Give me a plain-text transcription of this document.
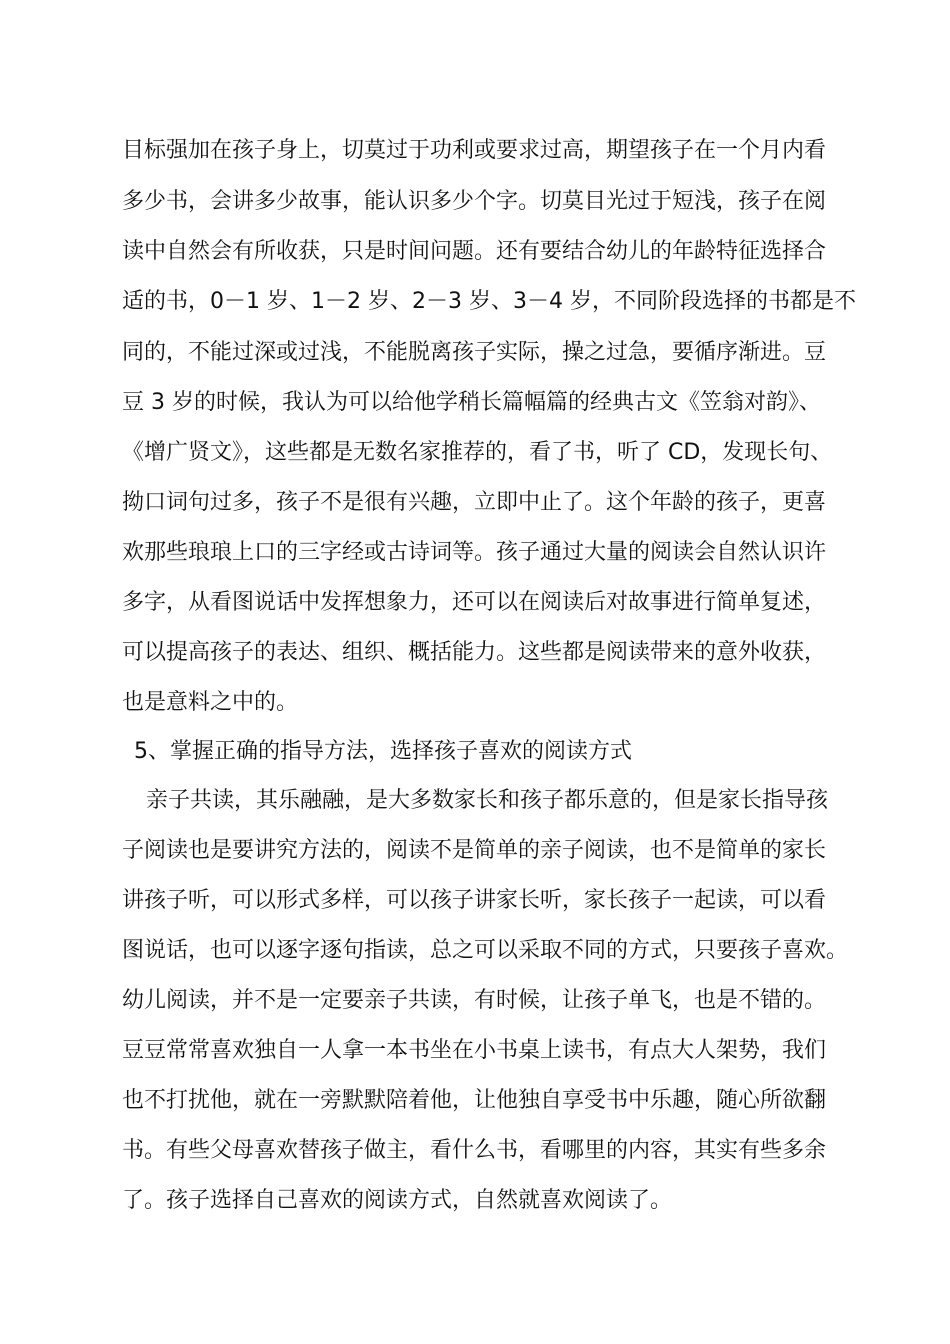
目标强加在孩子身上，切莫过于功利或要求过高，期望孩子在一个月内看
多少书，会讲多少故事，能认识多少个字。切莫目光过于短浅，孩子在阅
读中自然会有所收获，只是时间问题。还有要结合幼儿的年龄特征选择合
适的书，0－1 岁、1－2 岁、2－3 岁、3－4 岁，不同阶段选择的书都是不
同的，不能过深或过浅，不能脱离孩子实际，操之过急，要循序渐进。豆
豆 3 岁的时候，我认为可以给他学稍长篇幅篇的经典古文《笠翁对韵》、
《增广贤文》，这些都是无数名家推荐的，看了书，听了 CD，发现长句、
拗口词句过多，孩子不是很有兴趣，立即中止了。这个年龄的孩子，更喜
欢那些琅琅上口的三字经或古诗词等。孩子通过大量的阅读会自然认识许
多字，从看图说话中发挥想象力，还可以在阅读后对故事进行简单复述，
可以提高孩子的表达、组织、概括能力。这些都是阅读带来的意外收获，
也是意料之中的。
5、掌握正确的指导方法，选择孩子喜欢的阅读方式
亲子共读，其乐融融，是大多数家长和孩子都乐意的，但是家长指导孩
子阅读也是要讲究方法的，阅读不是简单的亲子阅读，也不是简单的家长
讲孩子听，可以形式多样，可以孩子讲家长听，家长孩子一起读，可以看
图说话，也可以逐字逐句指读，总之可以采取不同的方式，只要孩子喜欢。
幼儿阅读，并不是一定要亲子共读，有时候，让孩子单飞，也是不错的。
豆豆常常喜欢独自一人拿一本书坐在小书桌上读书，有点大人架势，我们
也不打扰他，就在一旁默默陪着他，让他独自享受书中乐趣，随心所欲翻
书。有些父母喜欢替孩子做主，看什么书，看哪里的内容，其实有些多余
了。孩子选择自己喜欢的阅读方式，自然就喜欢阅读了。
